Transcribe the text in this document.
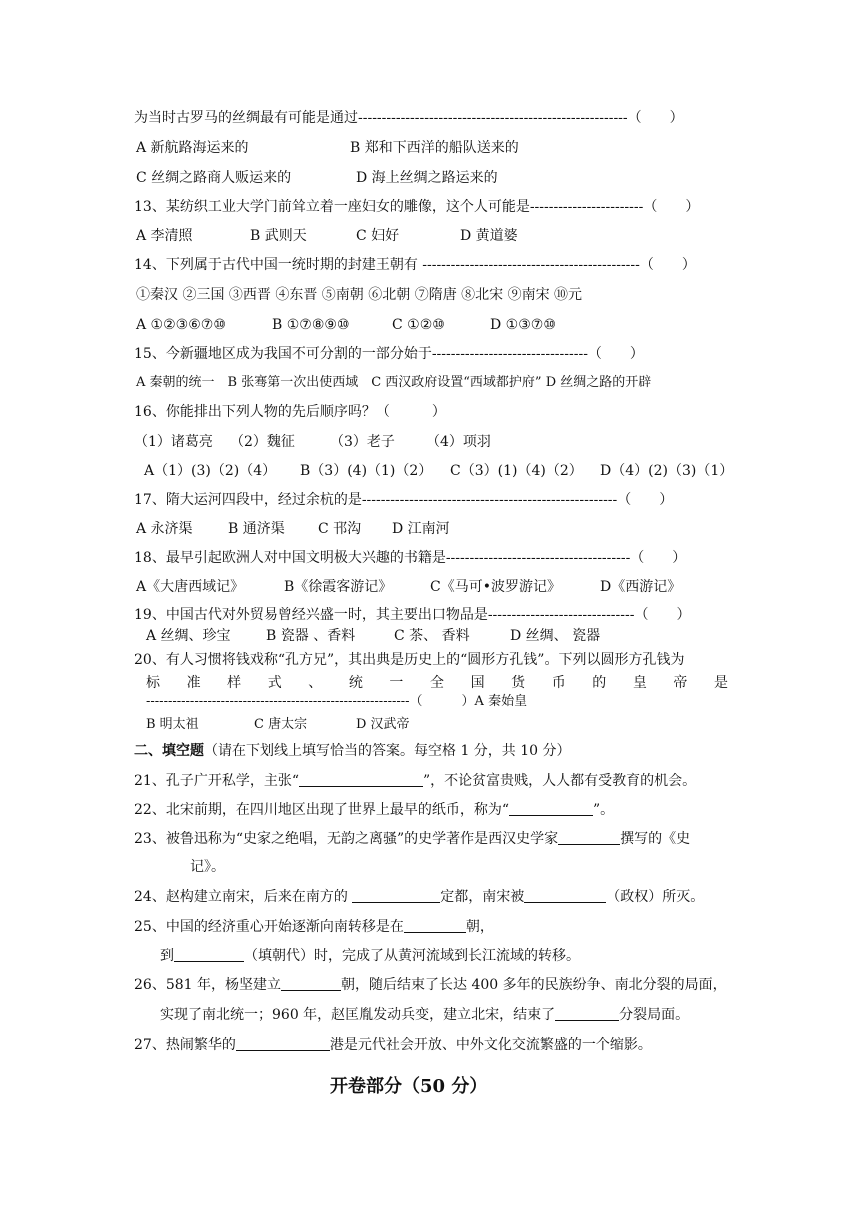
为当时古罗马的丝绸最有可能是通过---------------------------------------------------------（　　）
A 新航路海运来的	B 郑和下西洋的船队送来的
C 丝绸之路商人贩运来的	D 海上丝绸之路运来的
13、某纺织工业大学门前耸立着一座妇女的雕像，这个人可能是------------------------（　　）
A 李清照	B 武则天	C 妇好	D 黄道婆
14、下列属于古代中国一统时期的封建王朝有 ----------------------------------------------（　　）
①秦汉 ②三国 ③西晋 ④东晋 ⑤南朝 ⑥北朝 ⑦隋唐 ⑧北宋 ⑨南宋 ⑩元
A ①②③⑥⑦⑩	B ①⑦⑧⑨⑩	C ①②⑩	D ①③⑦⑩
15、今新疆地区成为我国不可分割的一部分始于---------------------------------（　　）
A 秦朝的统一　B 张骞第一次出使西域　C 西汉政府设置“西域都护府” D 丝绸之路的开辟
16、你能排出下列人物的先后顺序吗？（　　　）
（1）诸葛亮 （2）魏征	（3）老子 （4）项羽
A（1）(3)（2)（4） B（3）(4)（1)（2） C（3）(1)（4)（2） D（4）(2)（3)（1）
17、隋大运河四段中，经过余杭的是------------------------------------------------------（　　）
A 永济渠	B 通济渠 C 邗沟 D 江南河
18、最早引起欧洲人对中国文明极大兴趣的书籍是---------------------------------------（　　）
A《大唐西域记》	B《徐霞客游记》	C《马可•波罗游记》	D《西游记》
19、中国古代对外贸易曾经兴盛一时，其主要出口物品是-------------------------------（　　）
A 丝绸、珍宝	B 瓷器 、香料	C 茶、 香料	D 丝绸、 瓷器
20、有人习惯将钱戏称“孔方兄”，其出典是历史上的“圆形方孔钱”。下列以圆形方孔钱为
标准样式、统一全国货币的皇帝是
------------------------------------------------------------（　　　）A 秦始皇
B 明太祖	C 唐太宗	D 汉武帝
二、填空题（请在下划线上填写恰当的答案。每空格 1 分，共 10 分）
21、孔子广开私学，主张“	”，不论贫富贵贱，人人都有受教育的机会。
22、北宋前期，在四川地区出现了世界上最早的纸币，称为“	”。
23、被鲁迅称为“史家之绝唱，无韵之离骚”的史学著作是西汉史学家	撰写的《史
记》。
24、赵构建立南宋，后来在南方的	定都，南宋被	（政权）所灭。
25、中国的经济重心开始逐渐向南转移是在	朝，
到	（填朝代）时，完成了从黄河流域到长江流域的转移。
26、581 年，杨坚建立	朝，随后结束了长达 400 多年的民族纷争、南北分裂的局面，
实现了南北统一；960 年，赵匡胤发动兵变，建立北宋，结束了	分裂局面。
27、热闹繁华的	港是元代社会开放、中外文化交流繁盛的一个缩影。
开卷部分（50 分）
